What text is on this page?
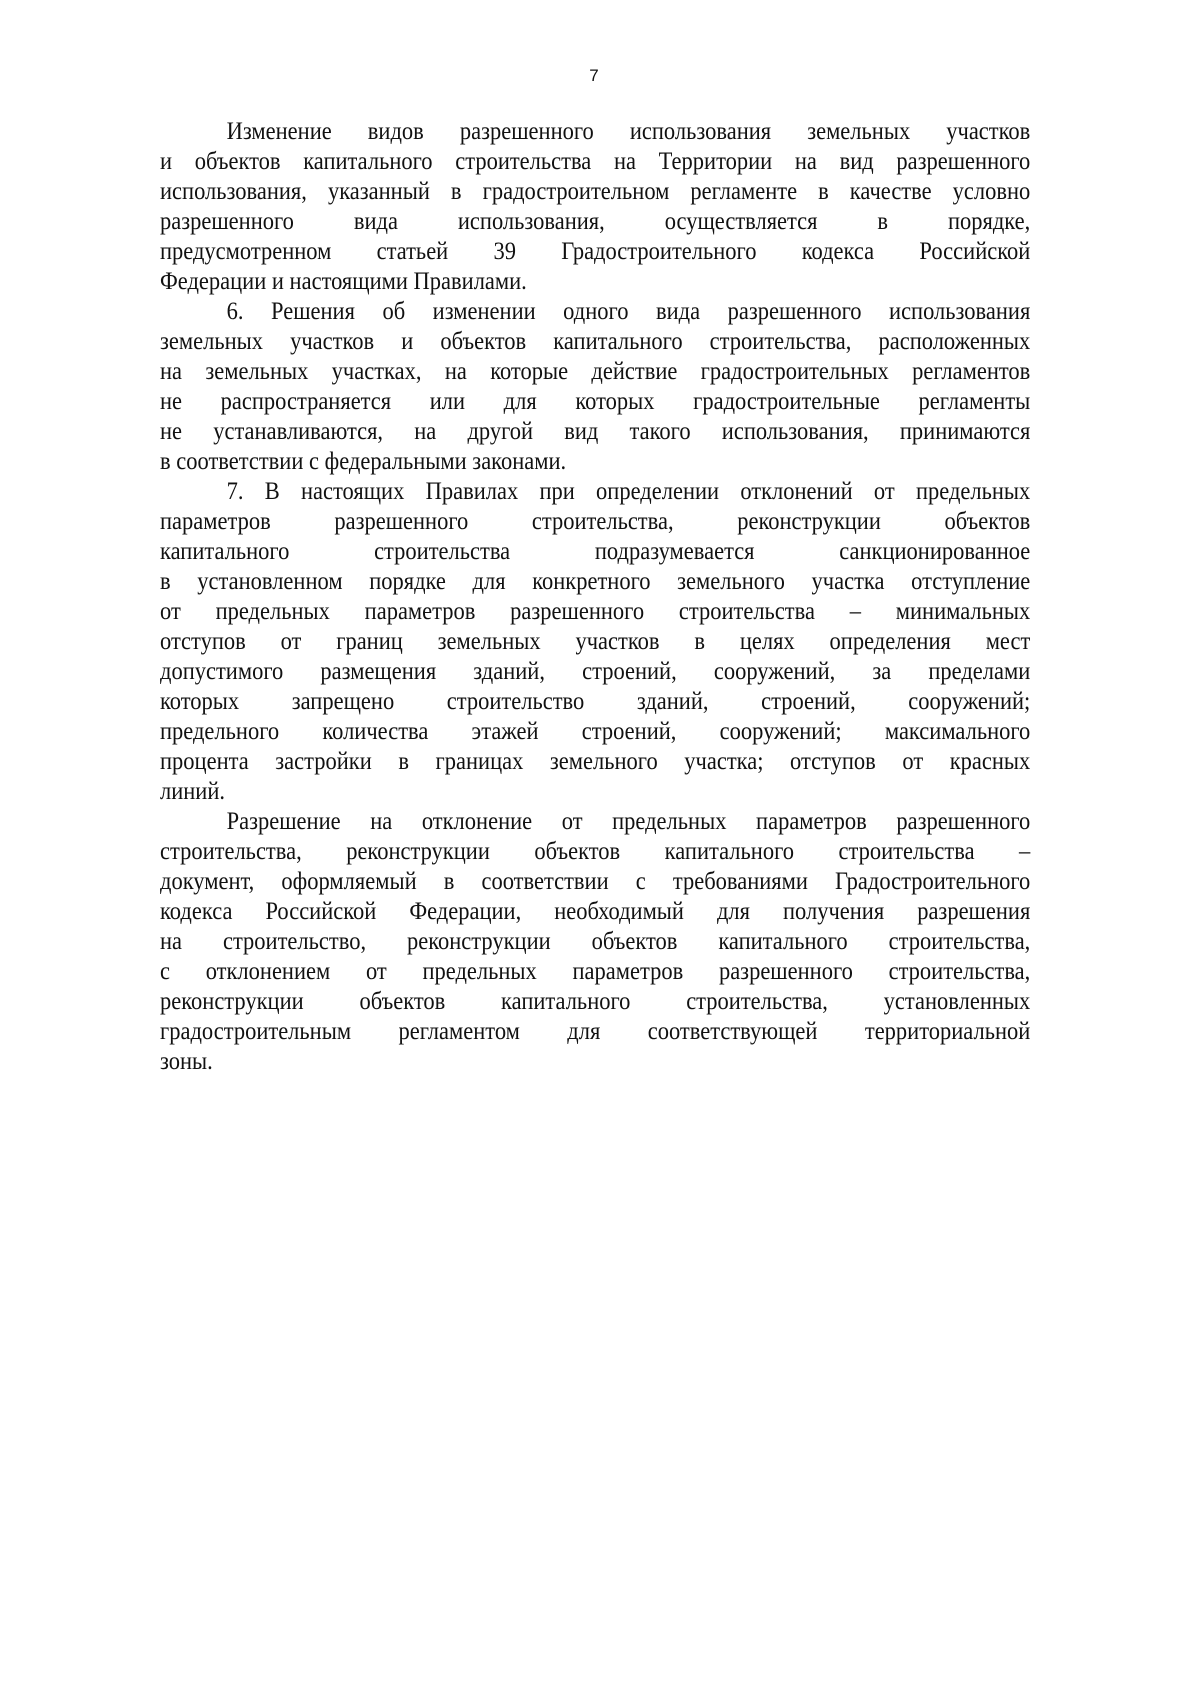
7
Изменение видов разрешенного использования земельных участков
и объектов капитального строительства на Территории на вид разрешенного
использования, указанный в градостроительном регламенте в качестве условно
разрешенного вида использования, осуществляется в порядке,
предусмотренном статьей 39 Градостроительного кодекса Российской
Федерации и настоящими Правилами.
6. Решения об изменении одного вида разрешенного использования
земельных участков и объектов капитального строительства, расположенных
на земельных участках, на которые действие градостроительных регламентов
не распространяется или для которых градостроительные регламенты
не устанавливаются, на другой вид такого использования, принимаются
в соответствии с федеральными законами.
7. В настоящих Правилах при определении отклонений от предельных
параметров разрешенного строительства, реконструкции объектов
капитального строительства подразумевается санкционированное
в установленном порядке для конкретного земельного участка отступление
от предельных параметров разрешенного строительства – минимальных
отступов от границ земельных участков в целях определения мест
допустимого размещения зданий, строений, сооружений, за пределами
которых запрещено строительство зданий, строений, сооружений;
предельного количества этажей строений, сооружений; максимального
процента застройки в границах земельного участка; отступов от красных
линий.
Разрешение на отклонение от предельных параметров разрешенного
строительства, реконструкции объектов капитального строительства –
документ, оформляемый в соответствии с требованиями Градостроительного
кодекса Российской Федерации, необходимый для получения разрешения
на строительство, реконструкции объектов капитального строительства,
с отклонением от предельных параметров разрешенного строительства,
реконструкции объектов капитального строительства, установленных
градостроительным регламентом для соответствующей территориальной
зоны.
